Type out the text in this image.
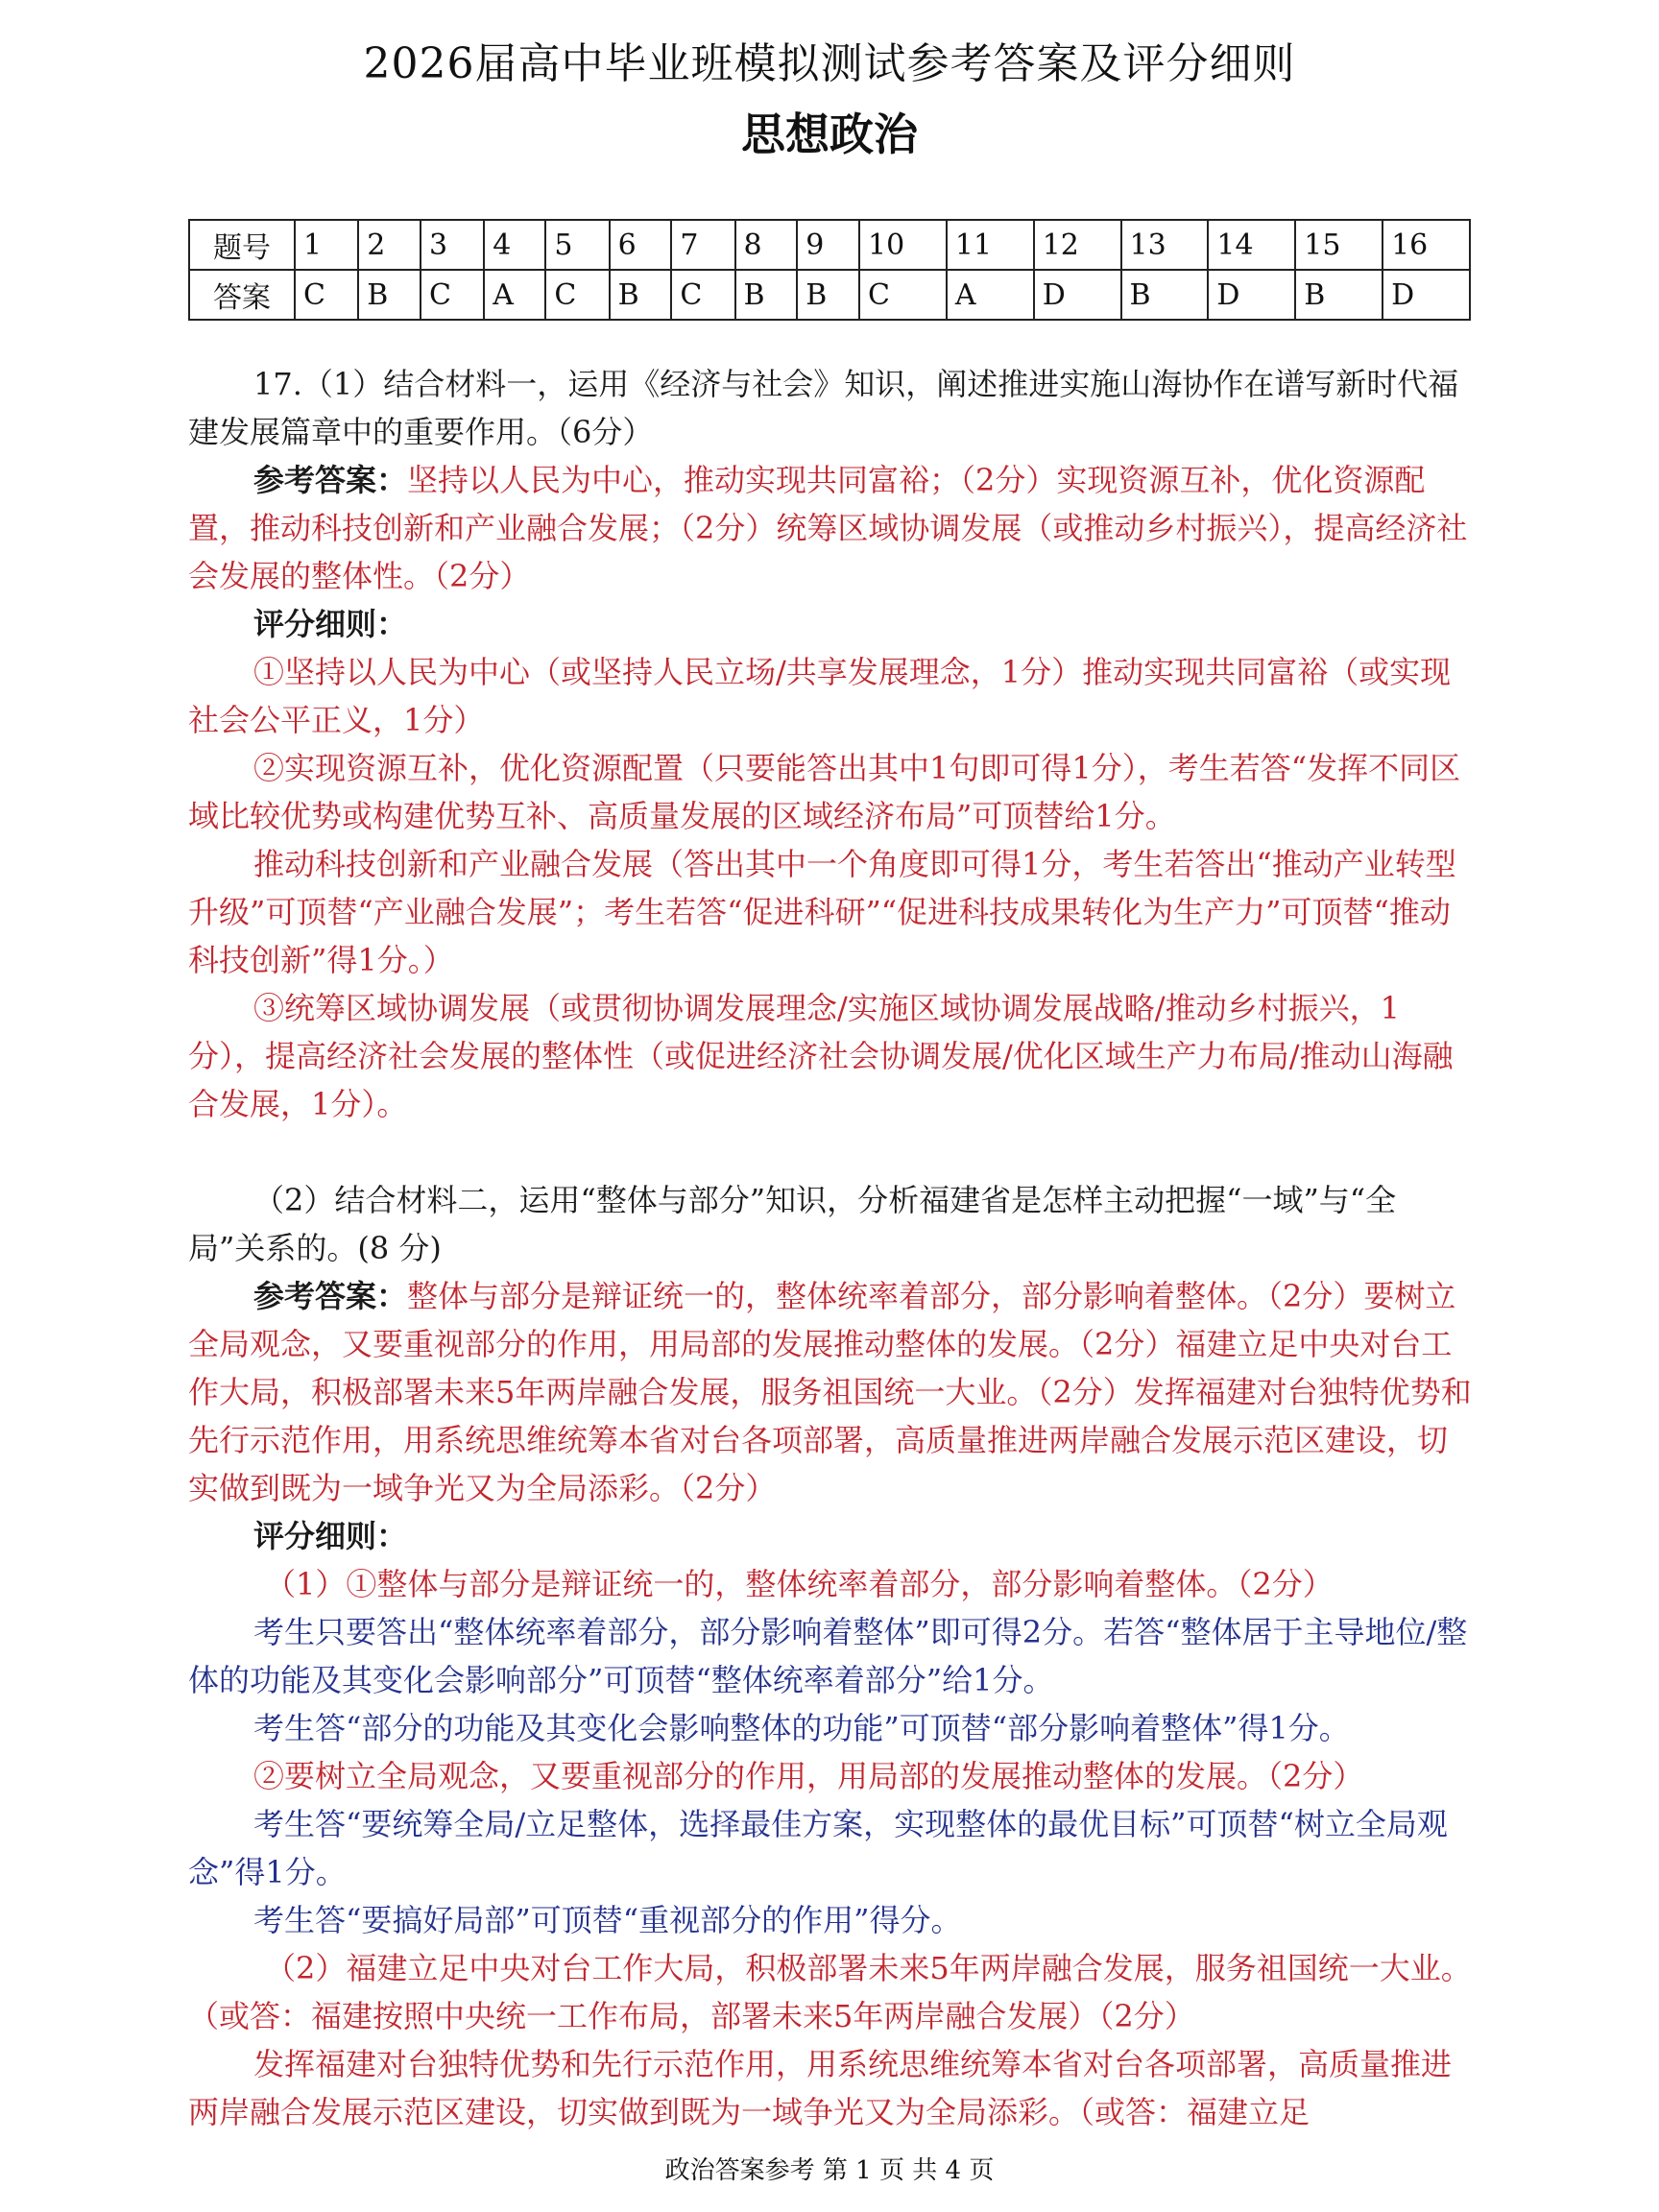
2026届高中毕业班模拟测试参考答案及评分细则
思想政治
题号	1	2	3	4	5	6	7	8	9	10	11	12	13	14	15	16
答案	C	B	C	A	C	B	C	B	B	C	A	D	B	D	B	D

17.（1）结合材料一，运用《经济与社会》知识，阐述推进实施山海协作在谱写新时代福建发展篇章中的重要作用。（6分）

参考答案：坚持以人民为中心，推动实现共同富裕；（2分）实现资源互补，优化资源配置，推动科技创新和产业融合发展；（2分）统筹区域协调发展（或推动乡村振兴），提高经济社会发展的整体性。（2分）

评分细则：

①坚持以人民为中心（或坚持人民立场/共享发展理念，1分）推动实现共同富裕（或实现社会公平正义，1分）

②实现资源互补，优化资源配置（只要能答出其中1句即可得1分），考生若答“发挥不同区域比较优势或构建优势互补、高质量发展的区域经济布局”可顶替给1分。

推动科技创新和产业融合发展（答出其中一个角度即可得1分，考生若答出“推动产业转型升级”可顶替“产业融合发展”；考生若答“促进科研”“促进科技成果转化为生产力”可顶替“推动科技创新”得1分。）

③统筹区域协调发展（或贯彻协调发展理念/实施区域协调发展战略/推动乡村振兴，1分），提高经济社会发展的整体性（或促进经济社会协调发展/优化区域生产力布局/推动山海融合发展，1分）。

（2）结合材料二，运用“整体与部分”知识，分析福建省是怎样主动把握“一域”与“全局”关系的。(8 分)

参考答案：整体与部分是辩证统一的，整体统率着部分，部分影响着整体。（2分）要树立全局观念，又要重视部分的作用，用局部的发展推动整体的发展。（2分）福建立足中央对台工作大局，积极部署未来5年两岸融合发展，服务祖国统一大业。（2分）发挥福建对台独特优势和先行示范作用，用系统思维统筹本省对台各项部署，高质量推进两岸融合发展示范区建设，切实做到既为一域争光又为全局添彩。（2分）

评分细则：

（1）①整体与部分是辩证统一的，整体统率着部分，部分影响着整体。（2分）

考生只要答出“整体统率着部分，部分影响着整体”即可得2分。若答“整体居于主导地位/整体的功能及其变化会影响部分”可顶替“整体统率着部分”给1分。

考生答“部分的功能及其变化会影响整体的功能”可顶替“部分影响着整体”得1分。

②要树立全局观念，又要重视部分的作用，用局部的发展推动整体的发展。（2分）

考生答“要统筹全局/立足整体，选择最佳方案，实现整体的最优目标”可顶替“树立全局观念”得1分。

考生答“要搞好局部”可顶替“重视部分的作用”得分。

（2）福建立足中央对台工作大局，积极部署未来5年两岸融合发展，服务祖国统一大业。（或答：福建按照中央统一工作布局，部署未来5年两岸融合发展）（2分）

发挥福建对台独特优势和先行示范作用，用系统思维统筹本省对台各项部署，高质量推进两岸融合发展示范区建设，切实做到既为一域争光又为全局添彩。（或答：福建立足

政治答案参考 第 1 页 共 4 页
